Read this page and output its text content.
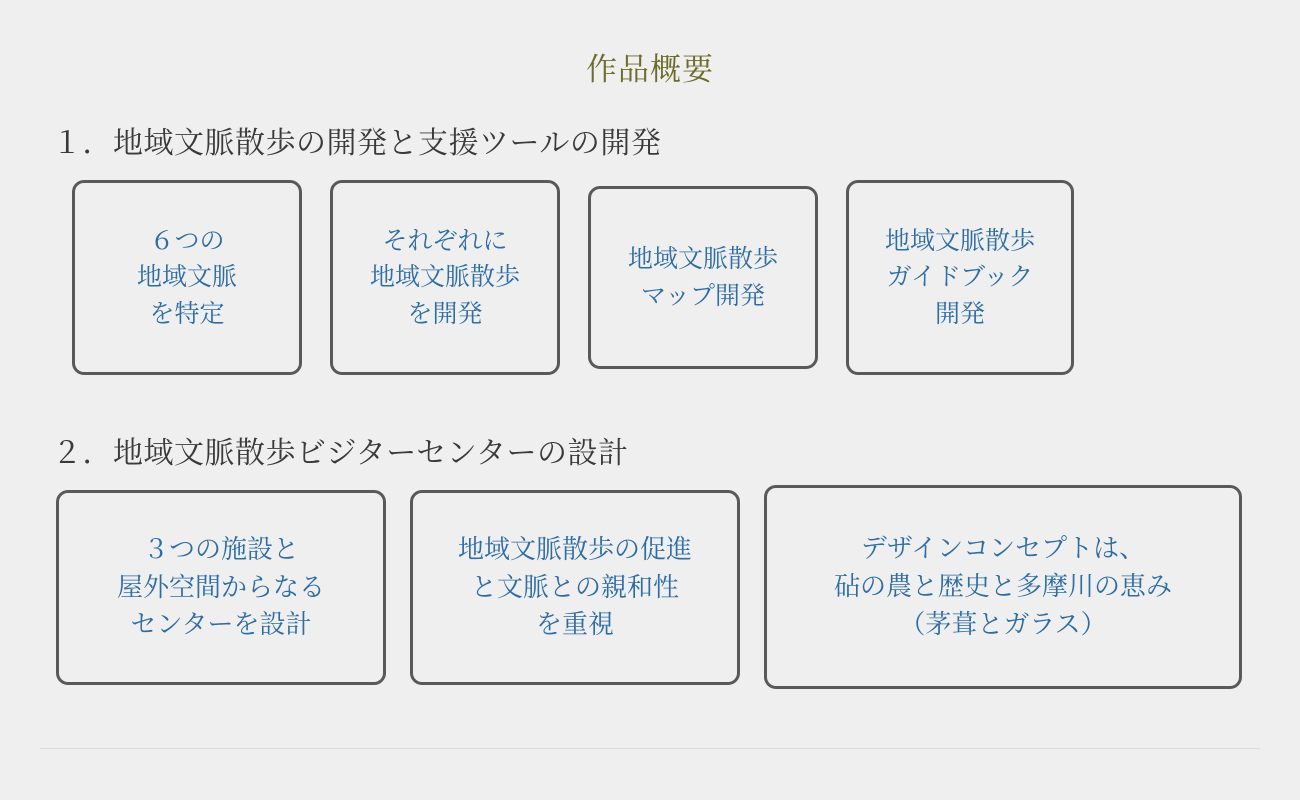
作品概要
１．地域文脈散歩の開発と支援ツールの開発
６つの
地域文脈
を特定
それぞれに
地域文脈散歩
を開発
地域文脈散歩
マップ開発
地域文脈散歩
ガイドブック
開発
２．地域文脈散歩ビジターセンターの設計
３つの施設と
屋外空間からなる
センターを設計
地域文脈散歩の促進
と文脈との親和性
を重視
デザインコンセプトは、
砧の農と歴史と多摩川の恵み
（茅葺とガラス）
